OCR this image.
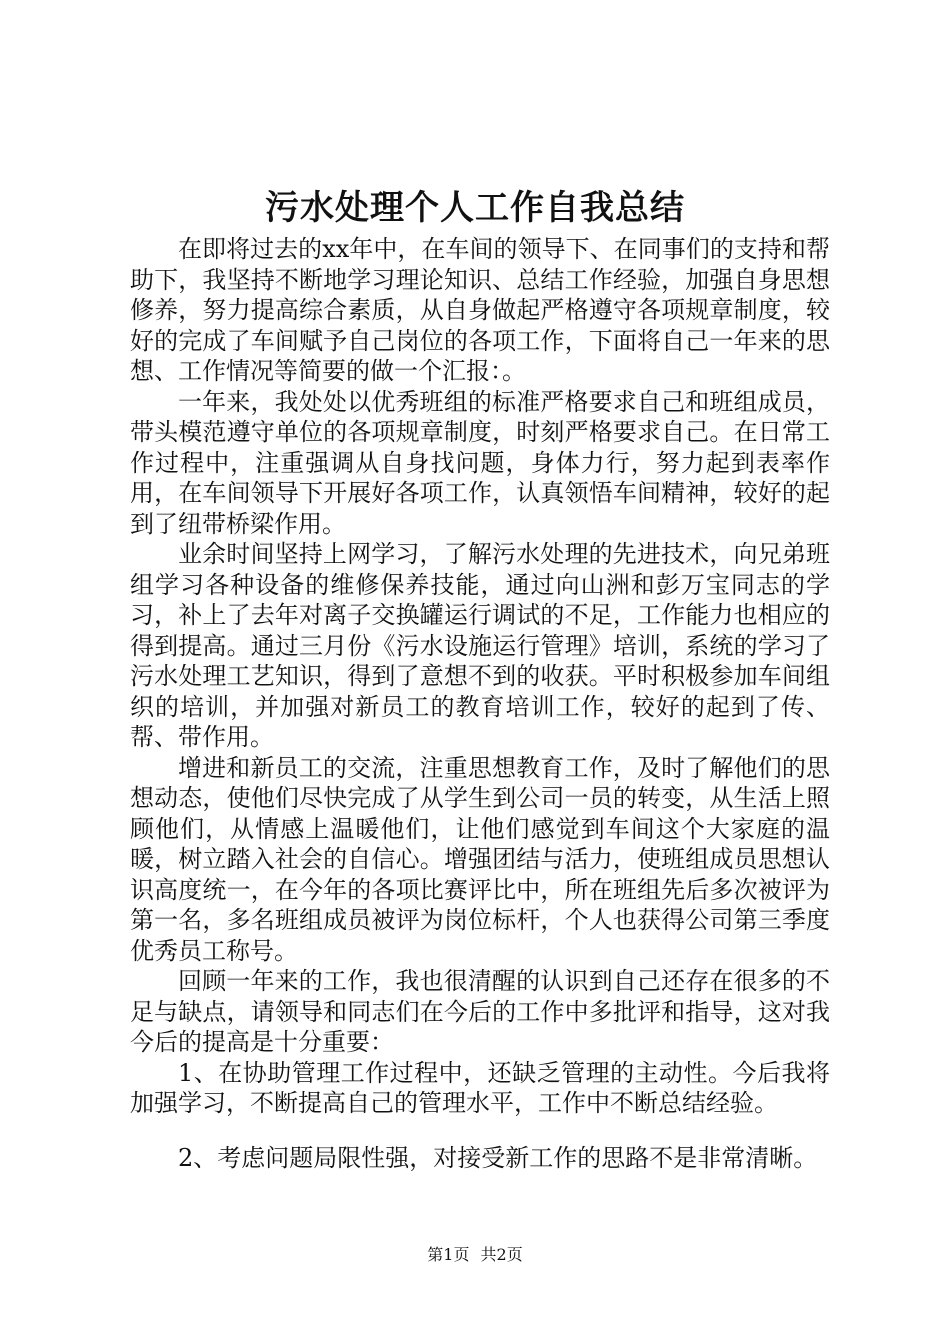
污水处理个人工作自我总结

在即将过去的xx年中，在车间的领导下、在同事们的支持和帮助下，我坚持不断地学习理论知识、总结工作经验，加强自身思想修养，努力提高综合素质，从自身做起严格遵守各项规章制度，较好的完成了车间赋予自己岗位的各项工作，下面将自己一年来的思想、工作情况等简要的做一个汇报：。

一年来，我处处以优秀班组的标准严格要求自己和班组成员，带头模范遵守单位的各项规章制度，时刻严格要求自己。在日常工作过程中，注重强调从自身找问题，身体力行，努力起到表率作用，在车间领导下开展好各项工作，认真领悟车间精神，较好的起到了纽带桥梁作用。

业余时间坚持上网学习，了解污水处理的先进技术，向兄弟班组学习各种设备的维修保养技能，通过向山洲和彭万宝同志的学习，补上了去年对离子交换罐运行调试的不足，工作能力也相应的得到提高。通过三月份《污水设施运行管理》培训，系统的学习了污水处理工艺知识，得到了意想不到的收获。平时积极参加车间组织的培训，并加强对新员工的教育培训工作，较好的起到了传、帮、带作用。

增进和新员工的交流，注重思想教育工作，及时了解他们的思想动态，使他们尽快完成了从学生到公司一员的转变，从生活上照顾他们，从情感上温暖他们，让他们感觉到车间这个大家庭的温暖，树立踏入社会的自信心。增强团结与活力，使班组成员思想认识高度统一，在今年的各项比赛评比中，所在班组先后多次被评为第一名，多名班组成员被评为岗位标杆，个人也获得公司第三季度优秀员工称号。

回顾一年来的工作，我也很清醒的认识到自己还存在很多的不足与缺点，请领导和同志们在今后的工作中多批评和指导，这对我今后的提高是十分重要：

1、在协助管理工作过程中，还缺乏管理的主动性。今后我将加强学习，不断提高自己的管理水平，工作中不断总结经验。

2、考虑问题局限性强，对接受新工作的思路不是非常清晰。

第1页 共2页
